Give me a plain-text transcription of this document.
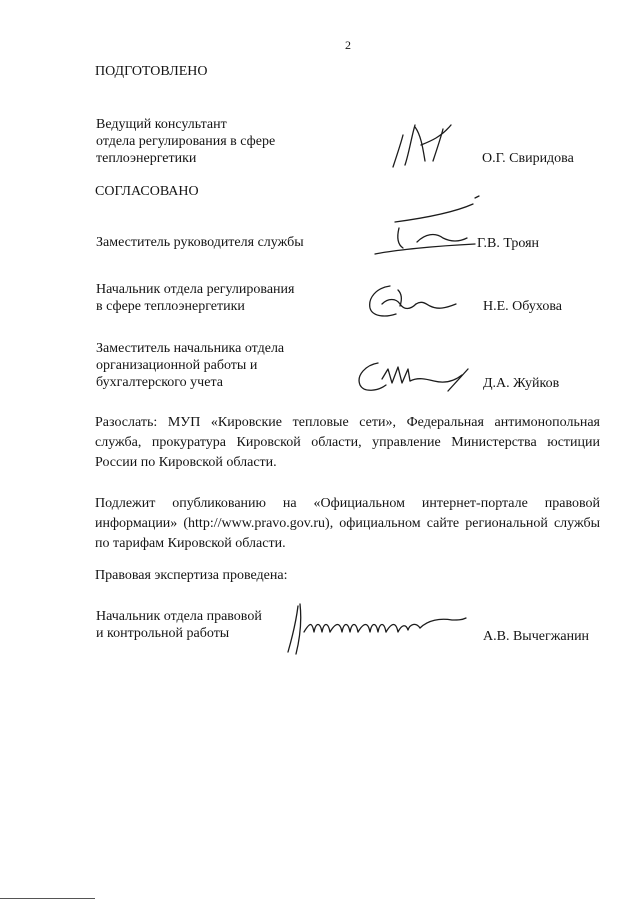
2
ПОДГОТОВЛЕНО
Ведущий консультант
отдела регулирования в сфере
теплоэнергетики	О.Г. Свиридова
СОГЛАСОВАНО
Заместитель руководителя службы	Г.В. Троян
Начальник отдела регулирования
в сфере теплоэнергетики	Н.Е. Обухова
Заместитель начальника отдела
организационной работы и
бухгалтерского учета	Д.А. Жуйков
Разослать: МУП «Кировские тепловые сети», Федеральная антимонопольная служба, прокуратура Кировской области, управление Министерства юстиции России по Кировской области.
Подлежит опубликованию на «Официальном интернет-портале правовой информации» (http://www.pravo.gov.ru), официальном сайте региональной службы по тарифам Кировской области.
Правовая экспертиза проведена:
Начальник отдела правовой
и контрольной работы	А.В. Вычегжанин
